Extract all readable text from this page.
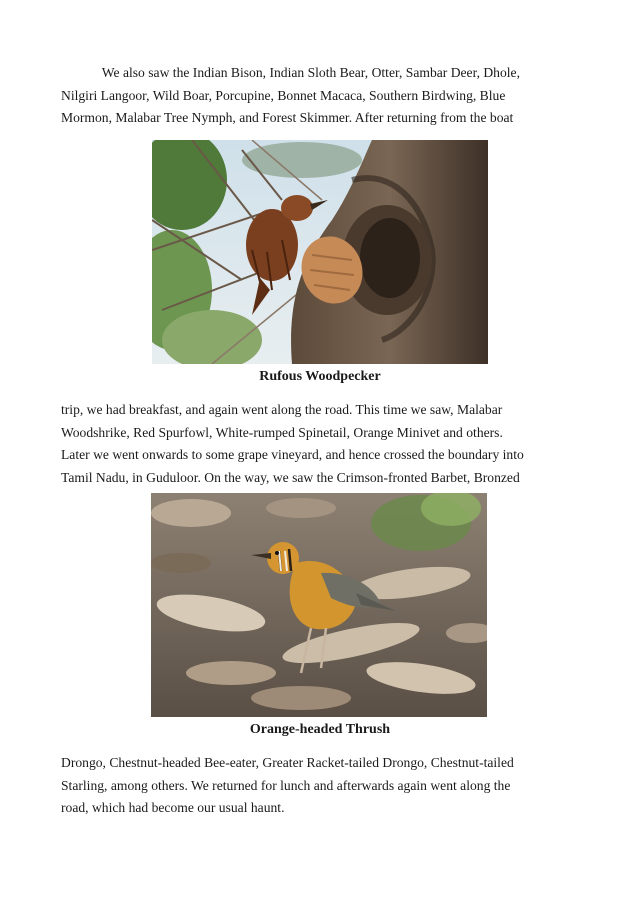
We also saw the Indian Bison, Indian Sloth Bear, Otter, Sambar Deer, Dhole,
Nilgiri Langoor, Wild Boar, Porcupine, Bonnet Macaca, Southern Birdwing, Blue
Mormon, Malabar Tree Nymph, and Forest Skimmer. After returning from the boat

Rufous Woodpecker

trip, we had breakfast, and again went along the road. This time we saw, Malabar
Woodshrike, Red Spurfowl, White-rumped Spinetail, Orange Minivet and others.
Later we went onwards to some grape vineyard, and hence crossed the boundary into
Tamil Nadu, in Guduloor. On the way, we saw the Crimson-fronted Barbet, Bronzed

Orange-headed Thrush

Drongo, Chestnut-headed Bee-eater, Greater Racket-tailed Drongo, Chestnut-tailed
Starling, among others. We returned for lunch and afterwards again went along the
road, which had become our usual haunt.
